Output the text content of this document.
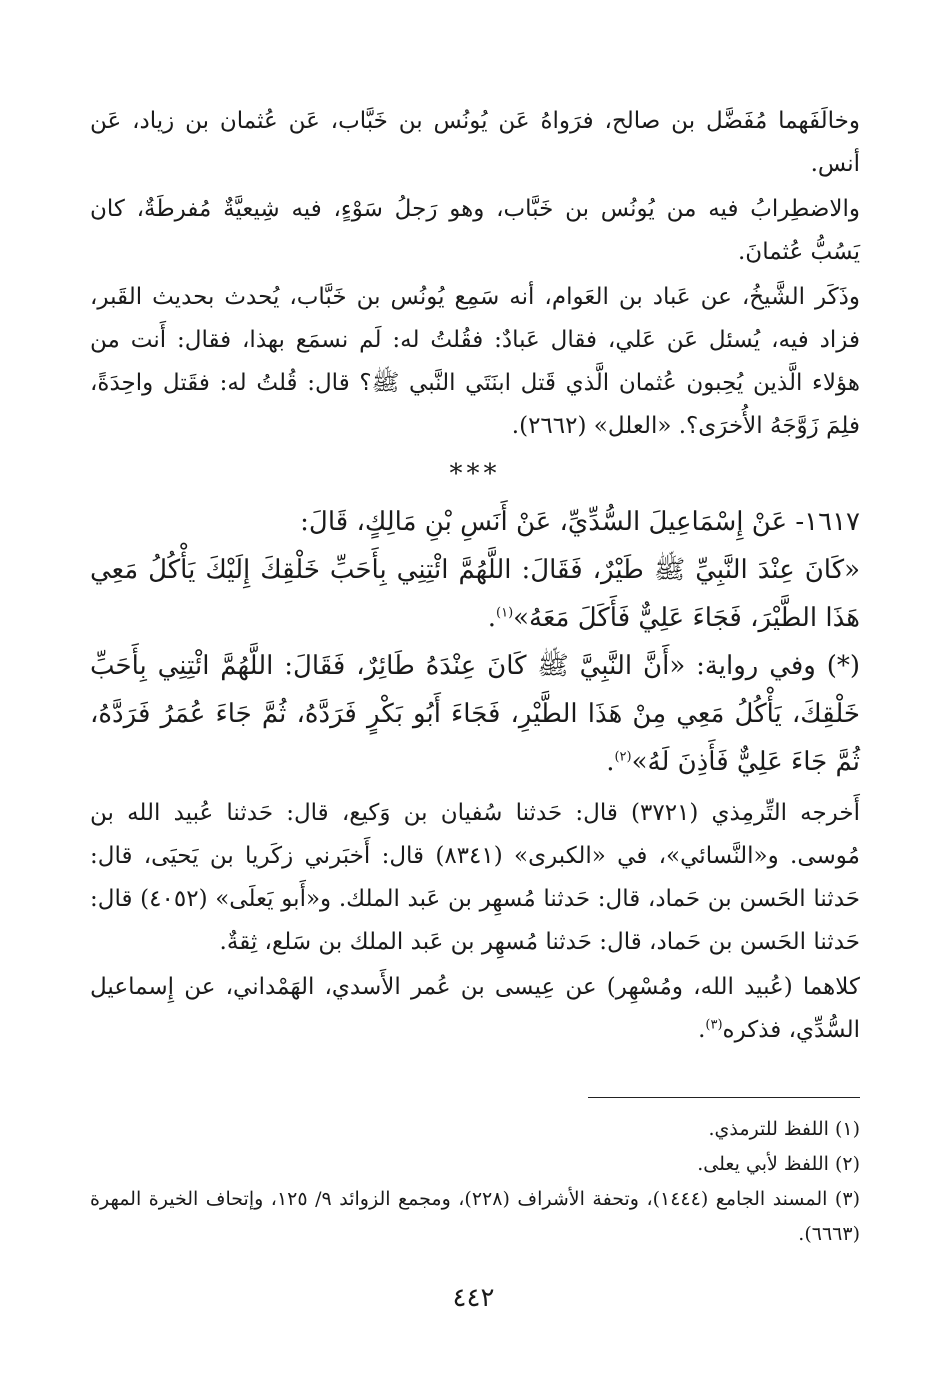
وخالَفَهما مُفَضَّل بن صالح، فرَواهُ عَن يُونُس بن خَبَّاب، عَن عُثمان بن زياد، عَن أنس.

والاضطِرابُ فيه من يُونُس بن خَبَّاب، وهو رَجلُ سَوْءٍ، فيه شِيعيَّةٌ مُفرطَةٌ، كان يَسُبُّ عُثمانَ.

وذَكَر الشَّيخُ، عن عَباد بن العَوام، أنه سَمِع يُونُس بن خَبَّاب، يُحدث بحديث القَبر، فزاد فيه، يُسئل عَن عَلي، فقال عَبادٌ: فقُلتُ له: لَم نسمَع بهذا، فقال: أَنت من هؤلاء الَّذين يُحِبون عُثمان الَّذي قَتل ابنَتَي النَّبي ﷺ؟ قال: قُلتُ له: فقَتل واحِدَةً، فلِمَ زَوَّجَهُ الأُخرَى؟. «العلل» (٢٦٦٢).

***

١٦١٧- عَنْ إِسْمَاعِيلَ السُّدِّيِّ، عَنْ أَنَسِ بْنِ مَالِكٍ، قَالَ:

«كَانَ عِنْدَ النَّبِيِّ ﷺ طَيْرٌ، فَقَالَ: اللَّهُمَّ ائْتِنِي بِأَحَبِّ خَلْقِكَ إِلَيْكَ يَأْكُلُ مَعِي هَذَا الطَّيْرَ، فَجَاءَ عَلِيٌّ فَأَكَلَ مَعَهُ»$^{(١)}$.

(*) وفي رواية: «أَنَّ النَّبِيَّ ﷺ كَانَ عِنْدَهُ طَائِرٌ، فَقَالَ: اللَّهُمَّ ائْتِنِي بِأَحَبِّ خَلْقِكَ، يَأْكُلُ مَعِي مِنْ هَذَا الطَّيْرِ، فَجَاءَ أَبُو بَكْرٍ فَرَدَّهُ، ثُمَّ جَاءَ عُمَرُ فَرَدَّهُ، ثُمَّ جَاءَ عَلِيٌّ فَأَذِنَ لَهُ»$^{(٢)}$.

أَخرجه التِّرمِذي (٣٧٢١) قال: حَدثنا سُفيان بن وَكيع، قال: حَدثنا عُبيد الله بن مُوسى. و«النَّسائي»، في «الكبرى» (٨٣٤١) قال: أَخبَرني زكَريا بن يَحيَى، قال: حَدثنا الحَسن بن حَماد، قال: حَدثنا مُسهِر بن عَبد الملك. و«أَبو يَعلَى» (٤٠٥٢) قال: حَدثنا الحَسن بن حَماد، قال: حَدثنا مُسهِر بن عَبد الملك بن سَلع، ثِقةٌ.

كلاهما (عُبيد الله، ومُسْهِر) عن عِيسى بن عُمر الأَسدي، الهَمْداني، عن إِسماعيل السُّدِّي، فذكره$^{(٣)}$.

(١) اللفظ للترمذي.

(٢) اللفظ لأبي يعلى.

(٣) المسند الجامع (١٤٤٤)، وتحفة الأشراف (٢٢٨)، ومجمع الزوائد ٩/ ١٢٥، وإتحاف الخيرة المهرة (٦٦٦٣).

٤٤٢
